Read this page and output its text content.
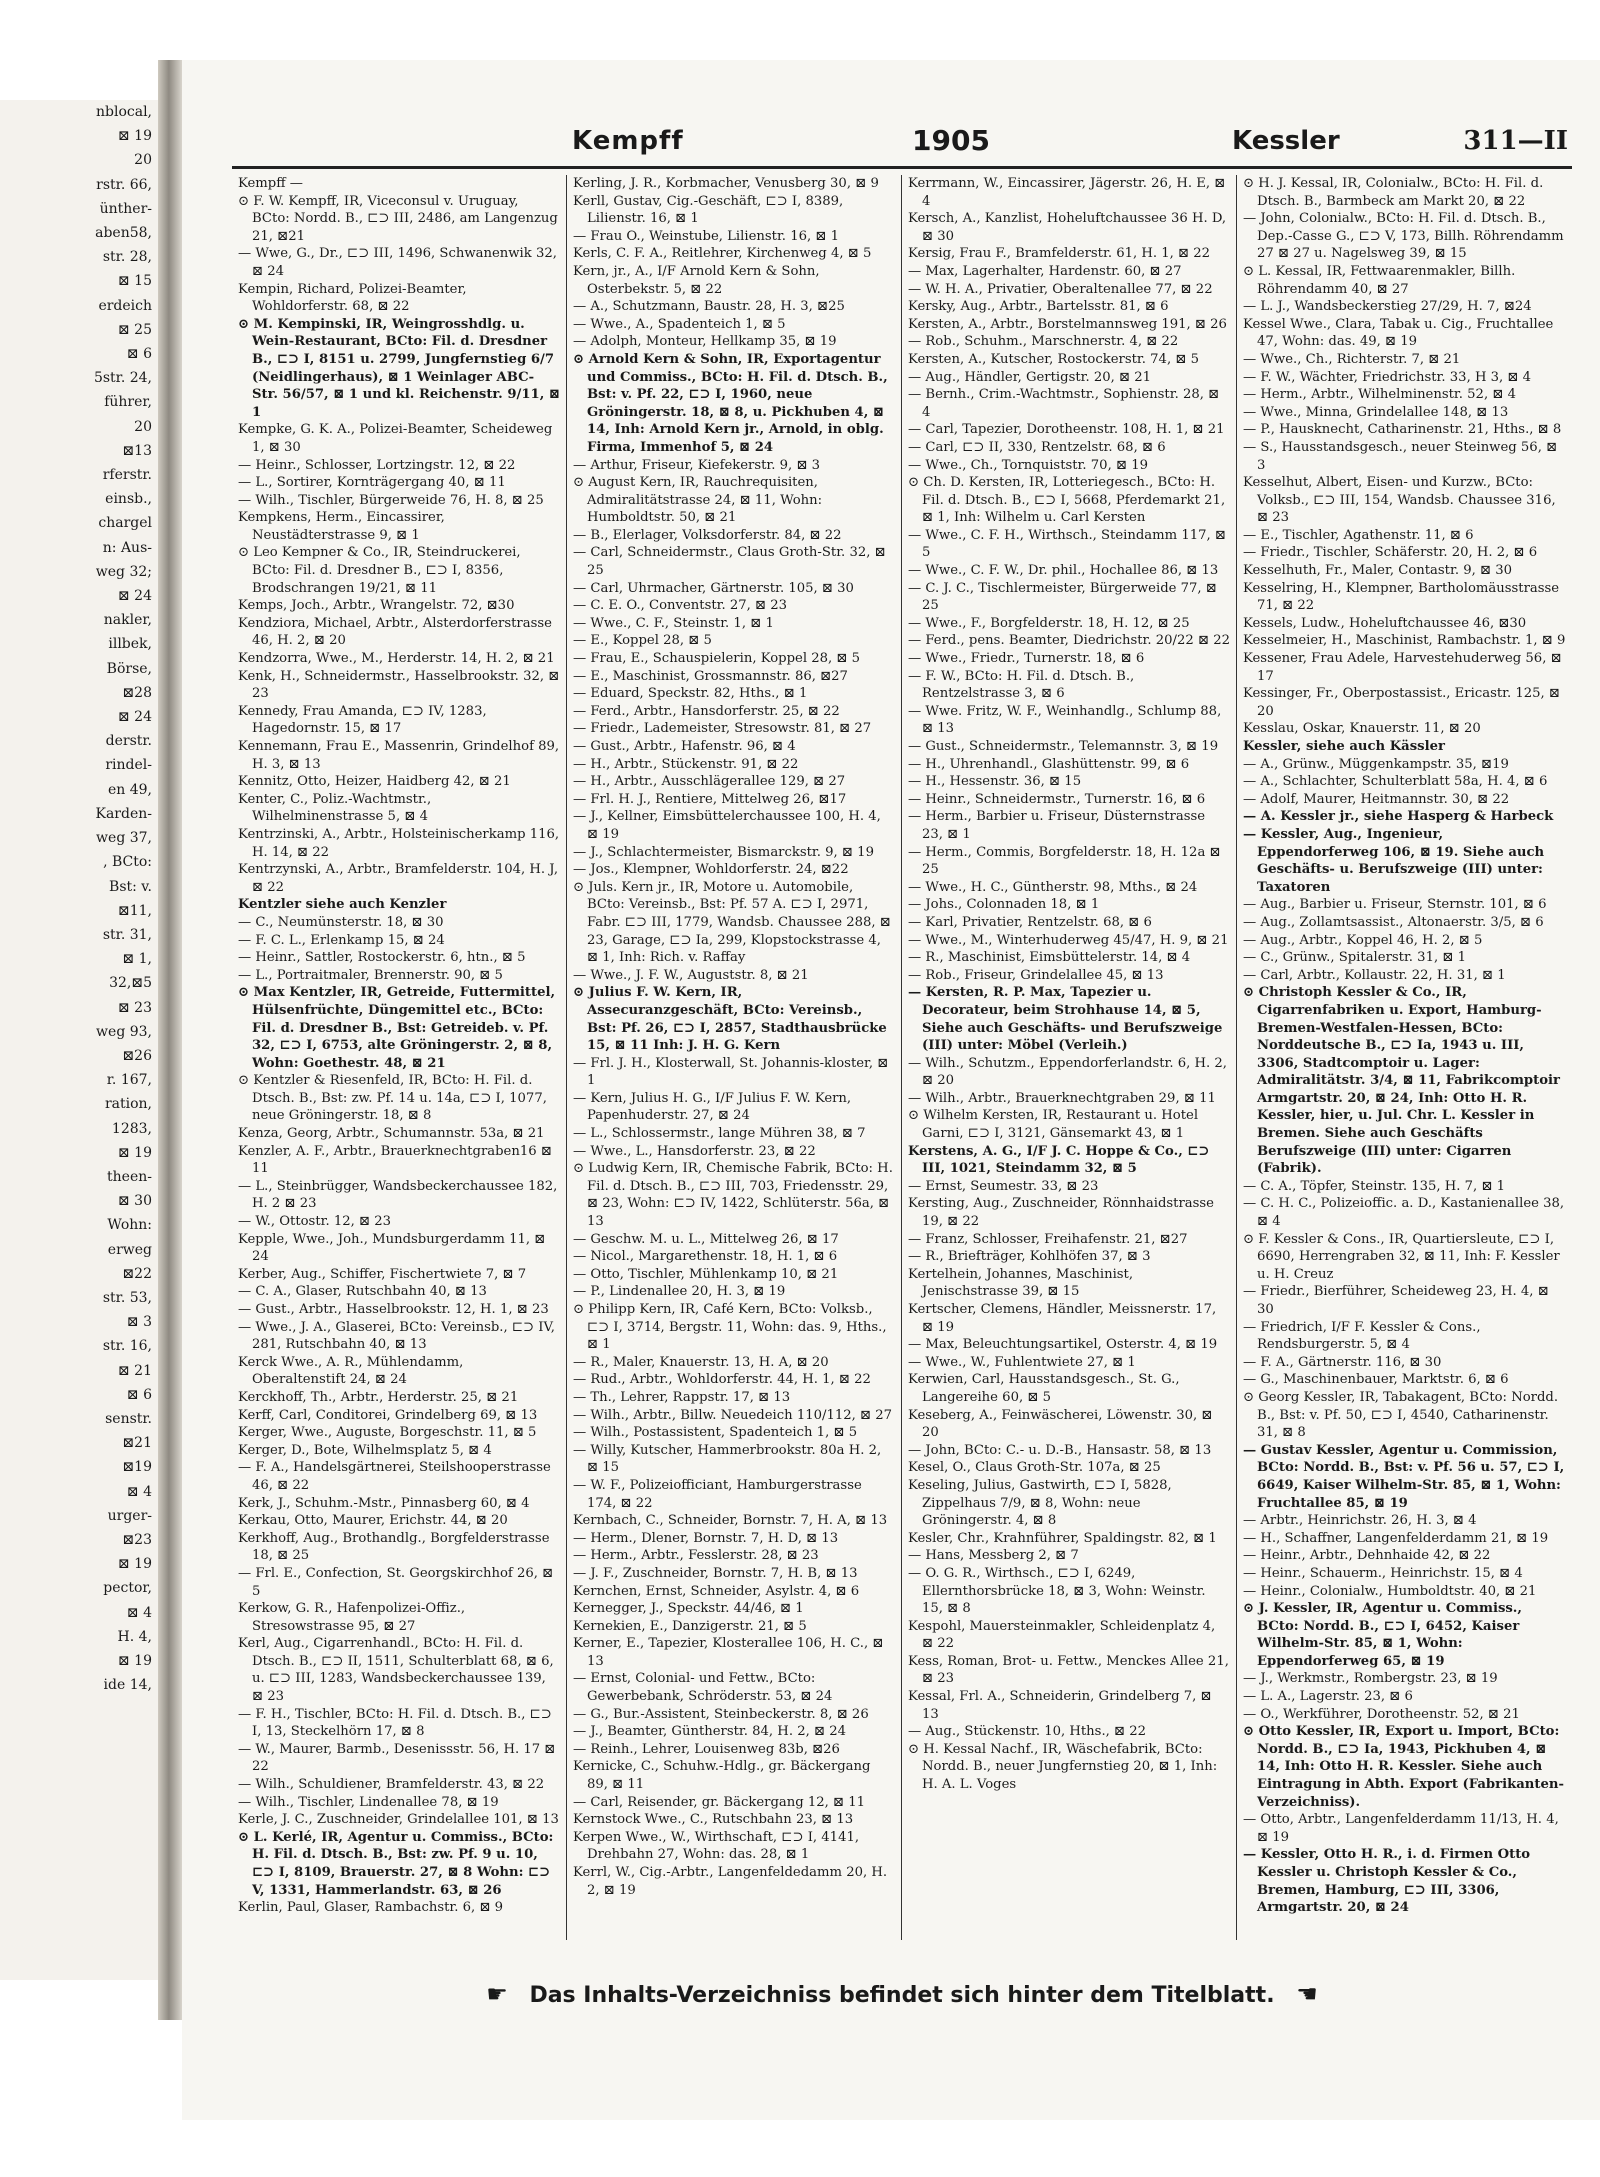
nblocal,
⊠ 19
20
rstr. 66,
ünther-
aben58,
str. 28,
⊠ 15
erdeich
⊠ 25
⊠ 6
5str. 24,
führer,
20
⊠13
rferstr.
einsb.,
chargel
n: Aus-
weg 32;
⊠ 24
nakler,
illbek,
Börse,
⊠28
⊠ 24
derstr.
rindel-
en 49,
Karden-
weg 37,
, BCto:
Bst: v.
⊠11,
str. 31,
⊠ 1,
32,⊠5
⊠ 23
weg 93,
⊠26
r. 167,
ration,
1283,
⊠ 19
theen-
⊠ 30
Wohn:
erweg
⊠22
str. 53,
⊠ 3
str. 16,
⊠ 21
⊠ 6
senstr.
⊠21
⊠19
⊠ 4
urger-
⊠23
⊠ 19
pector,
⊠ 4
H. 4,
⊠ 19
ide 14,
Kempff	1905	Kessler	311—II

Kempff —

⊙ F. W. Kempff, IR, Viceconsul v. Uruguay, BCto: Nordd. B., ⊏⊃ III, 2486, am Langenzug 21, ⊠21

— Wwe, G., Dr., ⊏⊃ III, 1496, Schwanenwik 32, ⊠ 24

Kempin, Richard, Polizei-Beamter, Wohldorferstr. 68, ⊠ 22

⊙ M. Kempinski, IR, Weingrosshdlg. u. Wein-Restaurant, BCto: Fil. d. Dresdner B., ⊏⊃ I, 8151 u. 2799, Jungfernstieg 6/7 (Neidlingerhaus), ⊠ 1 Weinlager ABC-Str. 56/57, ⊠ 1 und kl. Reichenstr. 9/11, ⊠ 1

Kempke, G. K. A., Polizei-Beamter, Scheideweg 1, ⊠ 30

— Heinr., Schlosser, Lortzingstr. 12, ⊠ 22

— L., Sortirer, Kornträgergang 40, ⊠ 11

— Wilh., Tischler, Bürgerweide 76, H. 8, ⊠ 25

Kempkens, Herm., Eincassirer, Neustädterstrasse 9, ⊠ 1

⊙ Leo Kempner & Co., IR, Steindruckerei, BCto: Fil. d. Dresdner B., ⊏⊃ I, 8356, Brodschrangen 19/21, ⊠ 11

Kemps, Joch., Arbtr., Wrangelstr. 72, ⊠30

Kendziora, Michael, Arbtr., Alsterdorferstrasse 46, H. 2, ⊠ 20

Kendzorra, Wwe., M., Herderstr. 14, H. 2, ⊠ 21

Kenk, H., Schneidermstr., Hasselbrookstr. 32, ⊠ 23

Kennedy, Frau Amanda, ⊏⊃ IV, 1283, Hagedornstr. 15, ⊠ 17

Kennemann, Frau E., Massenrin, Grindelhof 89, H. 3, ⊠ 13

Kennitz, Otto, Heizer, Haidberg 42, ⊠ 21

Kenter, C., Poliz.-Wachtmstr., Wilhelminenstrasse 5, ⊠ 4

Kentrzinski, A., Arbtr., Holsteinischerkamp 116, H. 14, ⊠ 22

Kentrzynski, A., Arbtr., Bramfelderstr. 104, H. J, ⊠ 22

Kentzler siehe auch Kenzler

— C., Neumünsterstr. 18, ⊠ 30

— F. C. L., Erlenkamp 15, ⊠ 24

— Heinr., Sattler, Rostockerstr. 6, htn., ⊠ 5

— L., Portraitmaler, Brennerstr. 90, ⊠ 5

⊙ Max Kentzler, IR, Getreide, Futtermittel, Hülsenfrüchte, Düngemittel etc., BCto: Fil. d. Dresdner B., Bst: Getreideb. v. Pf. 32, ⊏⊃ I, 6753, alte Gröningerstr. 2, ⊠ 8, Wohn: Goethestr. 48, ⊠ 21

⊙ Kentzler & Riesenfeld, IR, BCto: H. Fil. d. Dtsch. B., Bst: zw. Pf. 14 u. 14a, ⊏⊃ I, 1077, neue Gröningerstr. 18, ⊠ 8

Kenza, Georg, Arbtr., Schumannstr. 53a, ⊠ 21

Kenzler, A. F., Arbtr., Brauerknechtgraben16 ⊠ 11

— L., Steinbrügger, Wandsbeckerchaussee 182, H. 2 ⊠ 23

— W., Ottostr. 12, ⊠ 23

Kepple, Wwe., Joh., Mundsburgerdamm 11, ⊠ 24

Kerber, Aug., Schiffer, Fischertwiete 7, ⊠ 7

— C. A., Glaser, Rutschbahn 40, ⊠ 13

— Gust., Arbtr., Hasselbrookstr. 12, H. 1, ⊠ 23

— Wwe., J. A., Glaserei, BCto: Vereinsb., ⊏⊃ IV, 281, Rutschbahn 40, ⊠ 13

Kerck Wwe., A. R., Mühlendamm, Oberaltenstift 24, ⊠ 24

Kerckhoff, Th., Arbtr., Herderstr. 25, ⊠ 21

Kerff, Carl, Conditorei, Grindelberg 69, ⊠ 13

Kerger, Wwe., Auguste, Borgeschstr. 11, ⊠ 5

Kerger, D., Bote, Wilhelmsplatz 5, ⊠ 4

— F. A., Handelsgärtnerei, Steilshooperstrasse 46, ⊠ 22

Kerk, J., Schuhm.-Mstr., Pinnasberg 60, ⊠ 4

Kerkau, Otto, Maurer, Erichstr. 44, ⊠ 20

Kerkhoff, Aug., Brothandlg., Borgfelderstrasse 18, ⊠ 25

— Frl. E., Confection, St. Georgskirchhof 26, ⊠ 5

Kerkow, G. R., Hafenpolizei-Offiz., Stresowstrasse 95, ⊠ 27

Kerl, Aug., Cigarrenhandl., BCto: H. Fil. d. Dtsch. B., ⊏⊃ II, 1511, Schulterblatt 68, ⊠ 6, u. ⊏⊃ III, 1283, Wandsbeckerchaussee 139, ⊠ 23

— F. H., Tischler, BCto: H. Fil. d. Dtsch. B., ⊏⊃ I, 13, Steckelhörn 17, ⊠ 8

— W., Maurer, Barmb., Desenissstr. 56, H. 17 ⊠ 22

— Wilh., Schuldiener, Bramfelderstr. 43, ⊠ 22

— Wilh., Tischler, Lindenallee 78, ⊠ 19

Kerle, J. C., Zuschneider, Grindelallee 101, ⊠ 13

⊙ L. Kerlé, IR, Agentur u. Commiss., BCto: H. Fil. d. Dtsch. B., Bst: zw. Pf. 9 u. 10, ⊏⊃ I, 8109, Brauerstr. 27, ⊠ 8 Wohn: ⊏⊃ V, 1331, Hammerlandstr. 63, ⊠ 26

Kerlin, Paul, Glaser, Rambachstr. 6, ⊠ 9

Kerling, J. R., Korbmacher, Venusberg 30, ⊠ 9

Kerll, Gustav, Cig.-Geschäft, ⊏⊃ I, 8389, Lilienstr. 16, ⊠ 1

— Frau O., Weinstube, Lilienstr. 16, ⊠ 1

Kerls, C. F. A., Reitlehrer, Kirchenweg 4, ⊠ 5

Kern, jr., A., I/F Arnold Kern & Sohn, Osterbekstr. 5, ⊠ 22

— A., Schutzmann, Baustr. 28, H. 3, ⊠25

— Wwe., A., Spadenteich 1, ⊠ 5

— Adolph, Monteur, Hellkamp 35, ⊠ 19

⊙ Arnold Kern & Sohn, IR, Exportagentur und Commiss., BCto: H. Fil. d. Dtsch. B., Bst: v. Pf. 22, ⊏⊃ I, 1960, neue Gröningerstr. 18, ⊠ 8, u. Pickhuben 4, ⊠ 14, Inh: Arnold Kern jr., Arnold, in oblg. Firma, Immenhof 5, ⊠ 24

— Arthur, Friseur, Kiefekerstr. 9, ⊠ 3

⊙ August Kern, IR, Rauchrequisiten, Admiralitätstrasse 24, ⊠ 11, Wohn: Humboldtstr. 50, ⊠ 21

— B., Elerlager, Volksdorferstr. 84, ⊠ 22

— Carl, Schneidermstr., Claus Groth-Str. 32, ⊠ 25

— Carl, Uhrmacher, Gärtnerstr. 105, ⊠ 30

— C. E. O., Conventstr. 27, ⊠ 23

— Wwe., C. F., Steinstr. 1, ⊠ 1

— E., Koppel 28, ⊠ 5

— Frau, E., Schauspielerin, Koppel 28, ⊠ 5

— E., Maschinist, Grossmannstr. 86, ⊠27

— Eduard, Speckstr. 82, Hths., ⊠ 1

— Ferd., Arbtr., Hansdorferstr. 25, ⊠ 22

— Friedr., Lademeister, Stresowstr. 81, ⊠ 27

— Gust., Arbtr., Hafenstr. 96, ⊠ 4

— H., Arbtr., Stückenstr. 91, ⊠ 22

— H., Arbtr., Ausschlägerallee 129, ⊠ 27

— Frl. H. J., Rentiere, Mittelweg 26, ⊠17

— J., Kellner, Eimsbüttelerchaussee 100, H. 4, ⊠ 19

— J., Schlachtermeister, Bismarckstr. 9, ⊠ 19

— Jos., Klempner, Wohldorferstr. 24, ⊠22

⊙ Juls. Kern jr., IR, Motore u. Automobile, BCto: Vereinsb., Bst: Pf. 57 A. ⊏⊃ I, 2971, Fabr. ⊏⊃ III, 1779, Wandsb. Chaussee 288, ⊠ 23, Garage, ⊏⊃ Ia, 299, Klopstockstrasse 4, ⊠ 1, Inh: Rich. v. Raffay

— Wwe., J. F. W., Auguststr. 8, ⊠ 21

⊙ Julius F. W. Kern, IR, Assecuranzgeschäft, BCto: Vereinsb., Bst: Pf. 26, ⊏⊃ I, 2857, Stadthausbrücke 15, ⊠ 11 Inh: J. H. G. Kern

— Frl. J. H., Klosterwall, St. Johannis-kloster, ⊠ 1

— Kern, Julius H. G., I/F Julius F. W. Kern, Papenhuderstr. 27, ⊠ 24

— L., Schlossermstr., lange Mühren 38, ⊠ 7

— Wwe., L., Hansdorferstr. 23, ⊠ 22

⊙ Ludwig Kern, IR, Chemische Fabrik, BCto: H. Fil. d. Dtsch. B., ⊏⊃ III, 703, Friedensstr. 29, ⊠ 23, Wohn: ⊏⊃ IV, 1422, Schlüterstr. 56a, ⊠ 13

— Geschw. M. u. L., Mittelweg 26, ⊠ 17

— Nicol., Margarethenstr. 18, H. 1, ⊠ 6

— Otto, Tischler, Mühlenkamp 10, ⊠ 21

— P., Lindenallee 20, H. 3, ⊠ 19

⊙ Philipp Kern, IR, Café Kern, BCto: Volksb., ⊏⊃ I, 3714, Bergstr. 11, Wohn: das. 9, Hths., ⊠ 1

— R., Maler, Knauerstr. 13, H. A, ⊠ 20

— Rud., Arbtr., Wohldorferstr. 44, H. 1, ⊠ 22

— Th., Lehrer, Rappstr. 17, ⊠ 13

— Wilh., Arbtr., Billw. Neuedeich 110/112, ⊠ 27

— Wilh., Postassistent, Spadenteich 1, ⊠ 5

— Willy, Kutscher, Hammerbrookstr. 80a H. 2, ⊠ 15

— W. F., Polizeiofficiant, Hamburgerstrasse 174, ⊠ 22

Kernbach, C., Schneider, Bornstr. 7, H. A, ⊠ 13

— Herm., Dlener, Bornstr. 7, H. D, ⊠ 13

— Herm., Arbtr., Fesslerstr. 28, ⊠ 23

— J. F., Zuschneider, Bornstr. 7, H. B, ⊠ 13

Kernchen, Ernst, Schneider, Asylstr. 4, ⊠ 6

Kernegger, J., Speckstr. 44/46, ⊠ 1

Kernekien, E., Danzigerstr. 21, ⊠ 5

Kerner, E., Tapezier, Klosterallee 106, H. C., ⊠ 13

— Ernst, Colonial- und Fettw., BCto: Gewerbebank, Schröderstr. 53, ⊠ 24

— G., Bur.-Assistent, Steinbeckerstr. 8, ⊠ 26

— J., Beamter, Güntherstr. 84, H. 2, ⊠ 24

— Reinh., Lehrer, Louisenweg 83b, ⊠26

Kernicke, C., Schuhw.-Hdlg., gr. Bäckergang 89, ⊠ 11

— Carl, Reisender, gr. Bäckergang 12, ⊠ 11

Kernstock Wwe., C., Rutschbahn 23, ⊠ 13

Kerpen Wwe., W., Wirthschaft, ⊏⊃ I, 4141, Drehbahn 27, Wohn: das. 28, ⊠ 1

Kerrl, W., Cig.-Arbtr., Langenfeldedamm 20, H. 2, ⊠ 19

Kerrmann, W., Eincassirer, Jägerstr. 26, H. E, ⊠ 4

Kersch, A., Kanzlist, Hoheluftchaussee 36 H. D, ⊠ 30

Kersig, Frau F., Bramfelderstr. 61, H. 1, ⊠ 22

— Max, Lagerhalter, Hardenstr. 60, ⊠ 27

— W. H. A., Privatier, Oberaltenallee 77, ⊠ 22

Kersky, Aug., Arbtr., Bartelsstr. 81, ⊠ 6

Kersten, A., Arbtr., Borstelmannsweg 191, ⊠ 26

— Rob., Schuhm., Marschnerstr. 4, ⊠ 22

Kersten, A., Kutscher, Rostockerstr. 74, ⊠ 5

— Aug., Händler, Gertigstr. 20, ⊠ 21

— Bernh., Crim.-Wachtmstr., Sophienstr. 28, ⊠ 4

— Carl, Tapezier, Dorotheenstr. 108, H. 1, ⊠ 21

— Carl, ⊏⊃ II, 330, Rentzelstr. 68, ⊠ 6

— Wwe., Ch., Tornquiststr. 70, ⊠ 19

⊙ Ch. D. Kersten, IR, Lotteriegesch., BCto: H. Fil. d. Dtsch. B., ⊏⊃ I, 5668, Pferdemarkt 21, ⊠ 1, Inh: Wilhelm u. Carl Kersten

— Wwe., C. F. H., Wirthsch., Steindamm 117, ⊠ 5

— Wwe., C. F. W., Dr. phil., Hochallee 86, ⊠ 13

— C. J. C., Tischlermeister, Bürgerweide 77, ⊠ 25

— Wwe., F., Borgfelderstr. 18, H. 12, ⊠ 25

— Ferd., pens. Beamter, Diedrichstr. 20/22 ⊠ 22

— Wwe., Friedr., Turnerstr. 18, ⊠ 6

— F. W., BCto: H. Fil. d. Dtsch. B., Rentzelstrasse 3, ⊠ 6

— Wwe. Fritz, W. F., Weinhandlg., Schlump 88, ⊠ 13

— Gust., Schneidermstr., Telemannstr. 3, ⊠ 19

— H., Uhrenhandl., Glashüttenstr. 99, ⊠ 6

— H., Hessenstr. 36, ⊠ 15

— Heinr., Schneidermstr., Turnerstr. 16, ⊠ 6

— Herm., Barbier u. Friseur, Düsternstrasse 23, ⊠ 1

— Herm., Commis, Borgfelderstr. 18, H. 12a ⊠ 25

— Wwe., H. C., Güntherstr. 98, Mths., ⊠ 24

— Johs., Colonnaden 18, ⊠ 1

— Karl, Privatier, Rentzelstr. 68, ⊠ 6

— Wwe., M., Winterhuderweg 45/47, H. 9, ⊠ 21

— R., Maschinist, Eimsbüttelerstr. 14, ⊠ 4

— Rob., Friseur, Grindelallee 45, ⊠ 13

— Kersten, R. P. Max, Tapezier u. Decorateur, beim Strohhause 14, ⊠ 5, Siehe auch Geschäfts- und Berufszweige (III) unter: Möbel (Verleih.)

— Wilh., Schutzm., Eppendorferlandstr. 6, H. 2, ⊠ 20

— Wilh., Arbtr., Brauerknechtgraben 29, ⊠ 11

⊙ Wilhelm Kersten, IR, Restaurant u. Hotel Garni, ⊏⊃ I, 3121, Gänsemarkt 43, ⊠ 1

Kerstens, A. G., I/F J. C. Hoppe & Co., ⊏⊃ III, 1021, Steindamm 32, ⊠ 5

— Ernst, Seumestr. 33, ⊠ 23

Kersting, Aug., Zuschneider, Rönnhaidstrasse 19, ⊠ 22

— Franz, Schlosser, Freihafenstr. 21, ⊠27

— R., Briefträger, Kohlhöfen 37, ⊠ 3

Kertelhein, Johannes, Maschinist, Jenischstrasse 39, ⊠ 15

Kertscher, Clemens, Händler, Meissnerstr. 17, ⊠ 19

— Max, Beleuchtungsartikel, Osterstr. 4, ⊠ 19

— Wwe., W., Fuhlentwiete 27, ⊠ 1

Kerwien, Carl, Hausstandsgesch., St. G., Langereihe 60, ⊠ 5

Keseberg, A., Feinwäscherei, Löwenstr. 30, ⊠ 20

— John, BCto: C.- u. D.-B., Hansastr. 58, ⊠ 13

Kesel, O., Claus Groth-Str. 107a, ⊠ 25

Keseling, Julius, Gastwirth, ⊏⊃ I, 5828, Zippelhaus 7/9, ⊠ 8, Wohn: neue Gröningerstr. 4, ⊠ 8

Kesler, Chr., Krahnführer, Spaldingstr. 82, ⊠ 1

— Hans, Messberg 2, ⊠ 7

— O. G. R., Wirthsch., ⊏⊃ I, 6249, Ellernthorsbrücke 18, ⊠ 3, Wohn: Weinstr. 15, ⊠ 8

Kespohl, Mauersteinmakler, Schleidenplatz 4, ⊠ 22

Kess, Roman, Brot- u. Fettw., Menckes Allee 21, ⊠ 23

Kessal, Frl. A., Schneiderin, Grindelberg 7, ⊠ 13

— Aug., Stückenstr. 10, Hths., ⊠ 22

⊙ H. Kessal Nachf., IR, Wäschefabrik, BCto: Nordd. B., neuer Jungfernstieg 20, ⊠ 1, Inh: H. A. L. Voges

⊙ H. J. Kessal, IR, Colonialw., BCto: H. Fil. d. Dtsch. B., Barmbeck am Markt 20, ⊠ 22

— John, Colonialw., BCto: H. Fil. d. Dtsch. B., Dep.-Casse G., ⊏⊃ V, 173, Billh. Röhrendamm 27 ⊠ 27 u. Nagelsweg 39, ⊠ 15

⊙ L. Kessal, IR, Fettwaarenmakler, Billh. Röhrendamm 40, ⊠ 27

— L. J., Wandsbeckerstieg 27/29, H. 7, ⊠24

Kessel Wwe., Clara, Tabak u. Cig., Fruchtallee 47, Wohn: das. 49, ⊠ 19

— Wwe., Ch., Richterstr. 7, ⊠ 21

— F. W., Wächter, Friedrichstr. 33, H 3, ⊠ 4

— Herm., Arbtr., Wilhelminenstr. 52, ⊠ 4

— Wwe., Minna, Grindelallee 148, ⊠ 13

— P., Hausknecht, Catharinenstr. 21, Hths., ⊠ 8

— S., Hausstandsgesch., neuer Steinweg 56, ⊠ 3

Kesselhut, Albert, Eisen- und Kurzw., BCto: Volksb., ⊏⊃ III, 154, Wandsb. Chaussee 316, ⊠ 23

— E., Tischler, Agathenstr. 11, ⊠ 6

— Friedr., Tischler, Schäferstr. 20, H. 2, ⊠ 6

Kesselhuth, Fr., Maler, Contastr. 9, ⊠ 30

Kesselring, H., Klempner, Bartholomäusstrasse 71, ⊠ 22

Kessels, Ludw., Hoheluftchaussee 46, ⊠30

Kesselmeier, H., Maschinist, Rambachstr. 1, ⊠ 9

Kessener, Frau Adele, Harvestehuderweg 56, ⊠ 17

Kessinger, Fr., Oberpostassist., Ericastr. 125, ⊠ 20

Kesslau, Oskar, Knauerstr. 11, ⊠ 20

Kessler, siehe auch Kässler

— A., Grünw., Müggenkampstr. 35, ⊠19

— A., Schlachter, Schulterblatt 58a, H. 4, ⊠ 6

— Adolf, Maurer, Heitmannstr. 30, ⊠ 22

— A. Kessler jr., siehe Hasperg & Harbeck

— Kessler, Aug., Ingenieur, Eppendorferweg 106, ⊠ 19. Siehe auch Geschäfts- u. Berufszweige (III) unter: Taxatoren

— Aug., Barbier u. Friseur, Sternstr. 101, ⊠ 6

— Aug., Zollamtsassist., Altonaerstr. 3/5, ⊠ 6

— Aug., Arbtr., Koppel 46, H. 2, ⊠ 5

— C., Grünw., Spitalerstr. 31, ⊠ 1

— Carl, Arbtr., Kollaustr. 22, H. 31, ⊠ 1

⊙ Christoph Kessler & Co., IR, Cigarrenfabriken u. Export, Hamburg-Bremen-Westfalen-Hessen, BCto: Norddeutsche B., ⊏⊃ Ia, 1943 u. III, 3306, Stadtcomptoir u. Lager: Admiralitätstr. 3/4, ⊠ 11, Fabrikcomptoir Armgartstr. 20, ⊠ 24, Inh: Otto H. R. Kessler, hier, u. Jul. Chr. L. Kessler in Bremen. Siehe auch Geschäfts Berufszweige (III) unter: Cigarren (Fabrik).

— C. A., Töpfer, Steinstr. 135, H. 7, ⊠ 1

— C. H. C., Polizeioffic. a. D., Kastanienallee 38, ⊠ 4

⊙ F. Kessler & Cons., IR, Quartiersleute, ⊏⊃ I, 6690, Herrengraben 32, ⊠ 11, Inh: F. Kessler u. H. Creuz

— Friedr., Bierführer, Scheideweg 23, H. 4, ⊠ 30

— Friedrich, I/F F. Kessler & Cons., Rendsburgerstr. 5, ⊠ 4

— F. A., Gärtnerstr. 116, ⊠ 30

— G., Maschinenbauer, Marktstr. 6, ⊠ 6

⊙ Georg Kessler, IR, Tabakagent, BCto: Nordd. B., Bst: v. Pf. 50, ⊏⊃ I, 4540, Catharinenstr. 31, ⊠ 8

— Gustav Kessler, Agentur u. Commission, BCto: Nordd. B., Bst: v. Pf. 56 u. 57, ⊏⊃ I, 6649, Kaiser Wilhelm-Str. 85, ⊠ 1, Wohn: Fruchtallee 85, ⊠ 19

— Arbtr., Heinrichstr. 26, H. 3, ⊠ 4

— H., Schaffner, Langenfelderdamm 21, ⊠ 19

— Heinr., Arbtr., Dehnhaide 42, ⊠ 22

— Heinr., Schauerm., Heinrichstr. 15, ⊠ 4

— Heinr., Colonialw., Humboldtstr. 40, ⊠ 21

⊙ J. Kessler, IR, Agentur u. Commiss., BCto: Nordd. B., ⊏⊃ I, 6452, Kaiser Wilhelm-Str. 85, ⊠ 1, Wohn: Eppendorferweg 65, ⊠ 19

— J., Werkmstr., Rombergstr. 23, ⊠ 19

— L. A., Lagerstr. 23, ⊠ 6

— O., Werkführer, Dorotheenstr. 52, ⊠ 21

⊙ Otto Kessler, IR, Export u. Import, BCto: Nordd. B., ⊏⊃ Ia, 1943, Pickhuben 4, ⊠ 14, Inh: Otto H. R. Kessler. Siehe auch Eintragung in Abth. Export (Fabrikanten-Verzeichniss).

— Otto, Arbtr., Langenfelderdamm 11/13, H. 4, ⊠ 19

— Kessler, Otto H. R., i. d. Firmen Otto Kessler u. Christoph Kessler & Co., Bremen, Hamburg, ⊏⊃ III, 3306, Armgartstr. 20, ⊠ 24

☛ Das Inhalts-Verzeichniss befindet sich hinter dem Titelblatt. ☚
